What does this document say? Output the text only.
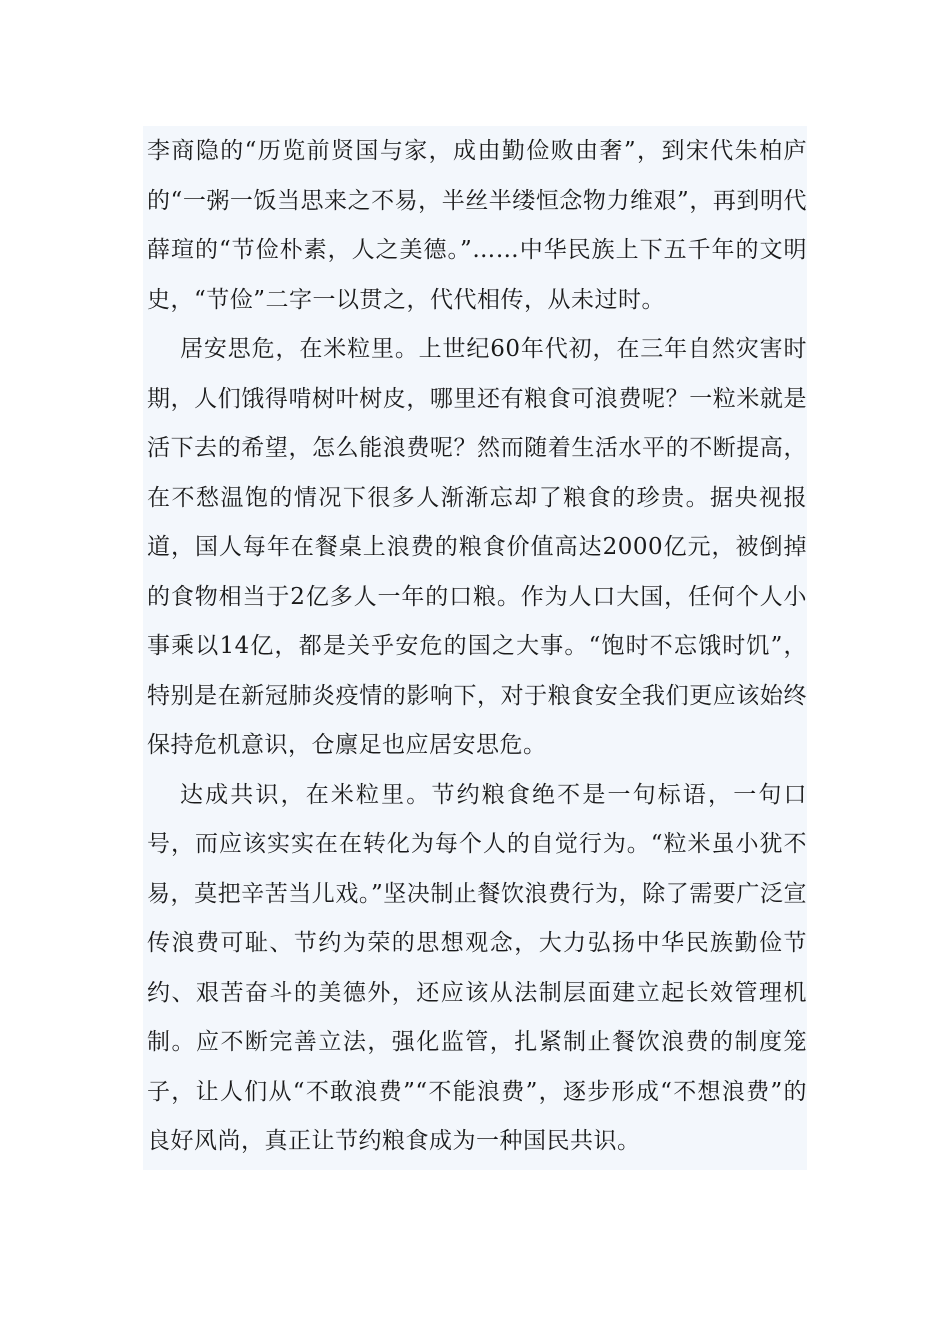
李商隐的“历览前贤国与家，成由勤俭败由奢”，到宋代朱柏庐的“一粥一饭当思来之不易，半丝半缕恒念物力维艰”，再到明代薛瑄的“节俭朴素，人之美德。”……中华民族上下五千年的文明史，“节俭”二字一以贯之，代代相传，从未过时。

居安思危，在米粒里。上世纪60年代初，在三年自然灾害时期，人们饿得啃树叶树皮，哪里还有粮食可浪费呢？一粒米就是活下去的希望，怎么能浪费呢？然而随着生活水平的不断提高，在不愁温饱的情况下很多人渐渐忘却了粮食的珍贵。据央视报道，国人每年在餐桌上浪费的粮食价值高达2000亿元，被倒掉的食物相当于2亿多人一年的口粮。作为人口大国，任何个人小事乘以14亿，都是关乎安危的国之大事。“饱时不忘饿时饥”，特别是在新冠肺炎疫情的影响下，对于粮食安全我们更应该始终保持危机意识，仓廪足也应居安思危。

达成共识，在米粒里。节约粮食绝不是一句标语，一句口号，而应该实实在在转化为每个人的自觉行为。“粒米虽小犹不易，莫把辛苦当儿戏。”坚决制止餐饮浪费行为，除了需要广泛宣传浪费可耻、节约为荣的思想观念，大力弘扬中华民族勤俭节约、艰苦奋斗的美德外，还应该从法制层面建立起长效管理机制。应不断完善立法，强化监管，扎紧制止餐饮浪费的制度笼子，让人们从“不敢浪费”“不能浪费”，逐步形成“不想浪费”的良好风尚，真正让节约粮食成为一种国民共识。
